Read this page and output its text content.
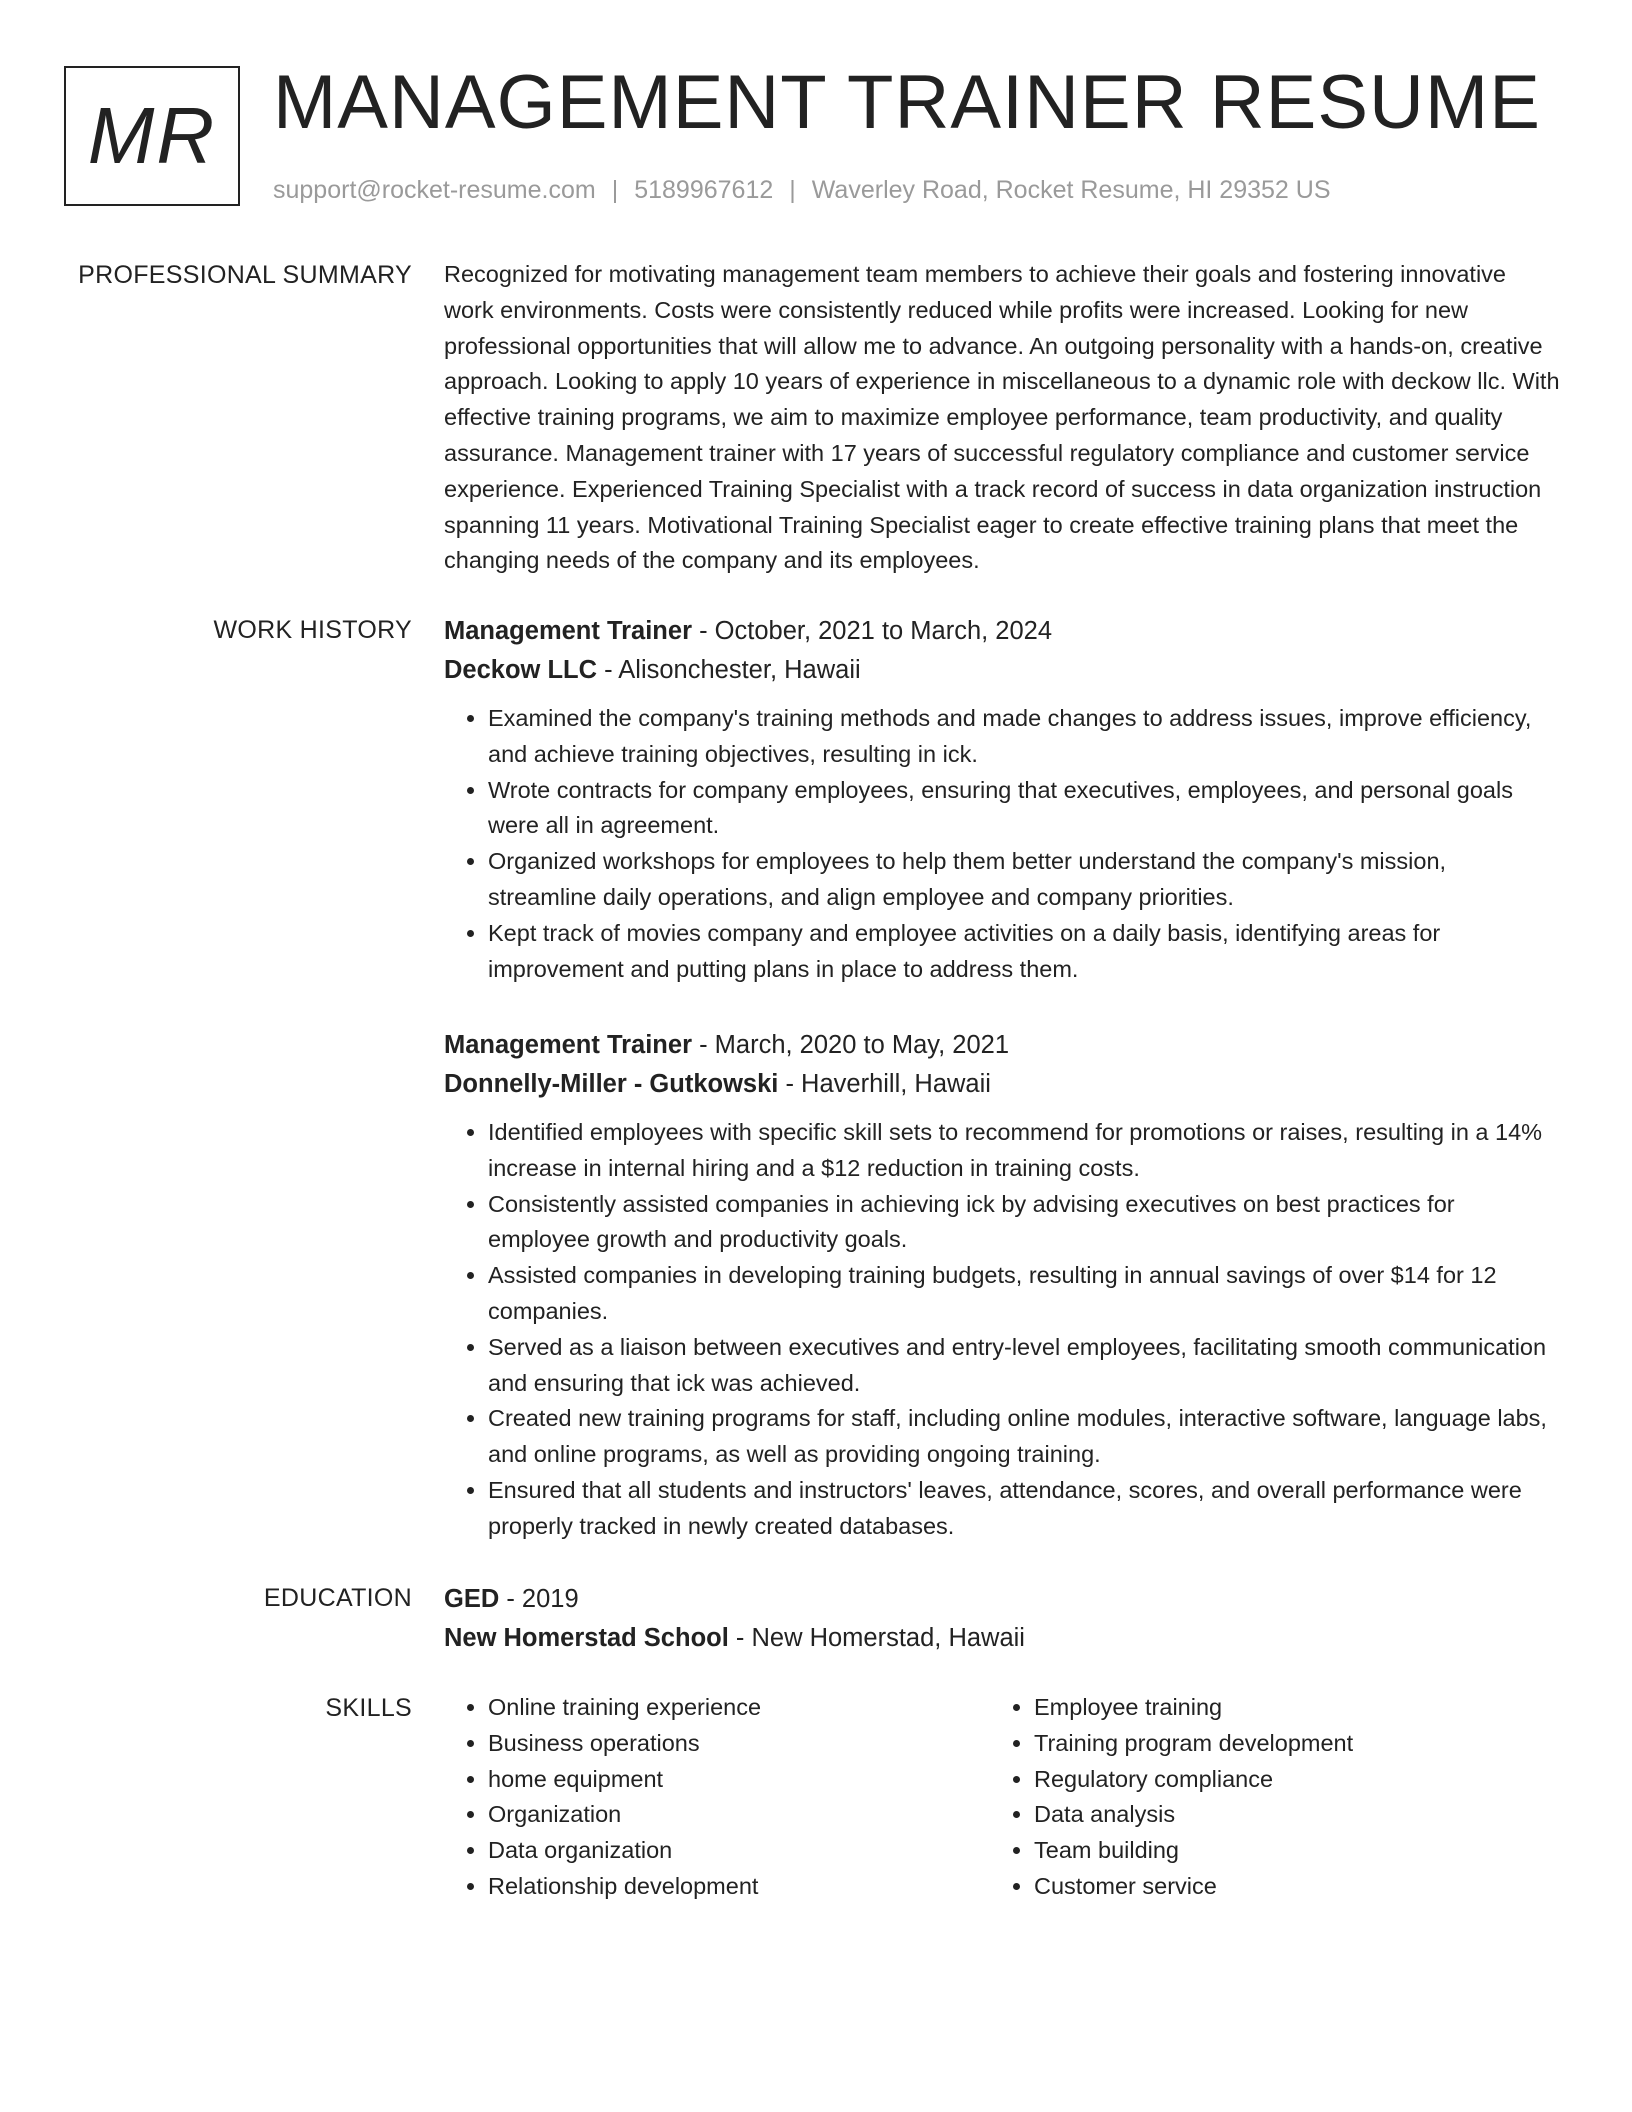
MR MANAGEMENT TRAINER RESUME
support@rocket-resume.com | 5189967612 | Waverley Road, Rocket Resume, HI 29352 US
PROFESSIONAL SUMMARY Recognized for motivating management team members to achieve their goals and fostering innovative work environments. Costs were consistently reduced while profits were increased. Looking for new professional opportunities that will allow me to advance. An outgoing personality with a hands-on, creative approach. Looking to apply 10 years of experience in miscellaneous to a dynamic role with deckow llc. With effective training programs, we aim to maximize employee performance, team productivity, and quality assurance. Management trainer with 17 years of successful regulatory compliance and customer service experience. Experienced Training Specialist with a track record of success in data organization instruction spanning 11 years. Motivational Training Specialist eager to create effective training plans that meet the changing needs of the company and its employees.

WORK HISTORY Management Trainer - October, 2021 to March, 2024
Deckow LLC - Alisonchester, Hawaii
• Examined the company's training methods and made changes to address issues, improve efficiency, and achieve training objectives, resulting in ick.
• Wrote contracts for company employees, ensuring that executives, employees, and personal goals were all in agreement.
• Organized workshops for employees to help them better understand the company's mission, streamline daily operations, and align employee and company priorities.
• Kept track of movies company and employee activities on a daily basis, identifying areas for improvement and putting plans in place to address them.
Management Trainer - March, 2020 to May, 2021
Donnelly-Miller - Gutkowski - Haverhill, Hawaii
• Identified employees with specific skill sets to recommend for promotions or raises, resulting in a 14% increase in internal hiring and a $12 reduction in training costs.
• Consistently assisted companies in achieving ick by advising executives on best practices for employee growth and productivity goals.
• Assisted companies in developing training budgets, resulting in annual savings of over $14 for 12 companies.
• Served as a liaison between executives and entry-level employees, facilitating smooth communication and ensuring that ick was achieved.
• Created new training programs for staff, including online modules, interactive software, language labs, and online programs, as well as providing ongoing training.
• Ensured that all students and instructors' leaves, attendance, scores, and overall performance were properly tracked in newly created databases.
EDUCATION GED - 2019
New Homerstad School - New Homerstad, Hawaii
SKILLS
•	Online training experience
• Business operations
• home equipment
• Organization
• Data organization
• Relationship development
• Employee training
• Training program development
• Regulatory compliance
• Data analysis
• Team building
• Customer service
